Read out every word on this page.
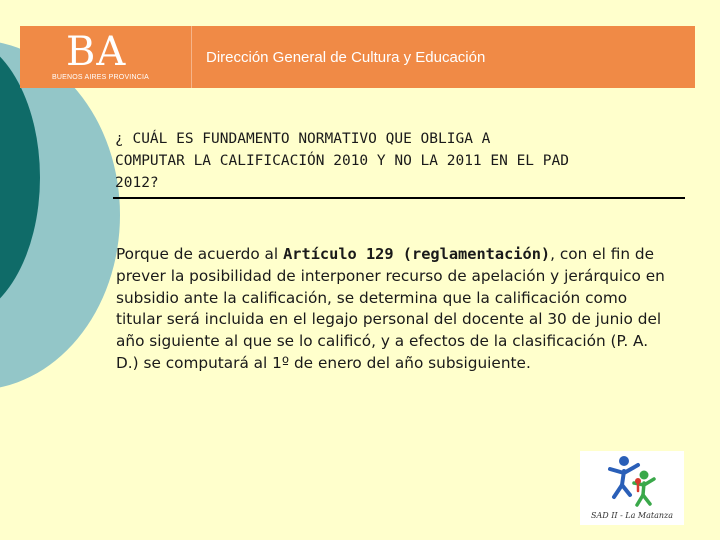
BA
BUENOS AIRES PROVINCIA
Dirección General de Cultura y Educación
¿ CUÁL ES FUNDAMENTO NORMATIVO QUE OBLIGA A
COMPUTAR LA CALIFICACIÓN 2010 Y NO LA 2011 EN EL PAD
2012?
Porque de acuerdo al Artículo 129 (reglamentación), con el fin de prever la posibilidad de interponer recurso de apelación y jerárquico en subsidio ante la calificación, se determina que la calificación como titular será incluida en el legajo personal del docente al 30 de junio del año siguiente al que se lo calificó, y a efectos de la clasificación (P. A. D.) se computará al 1º de enero del año subsiguiente.
SAD II - La Matanza
